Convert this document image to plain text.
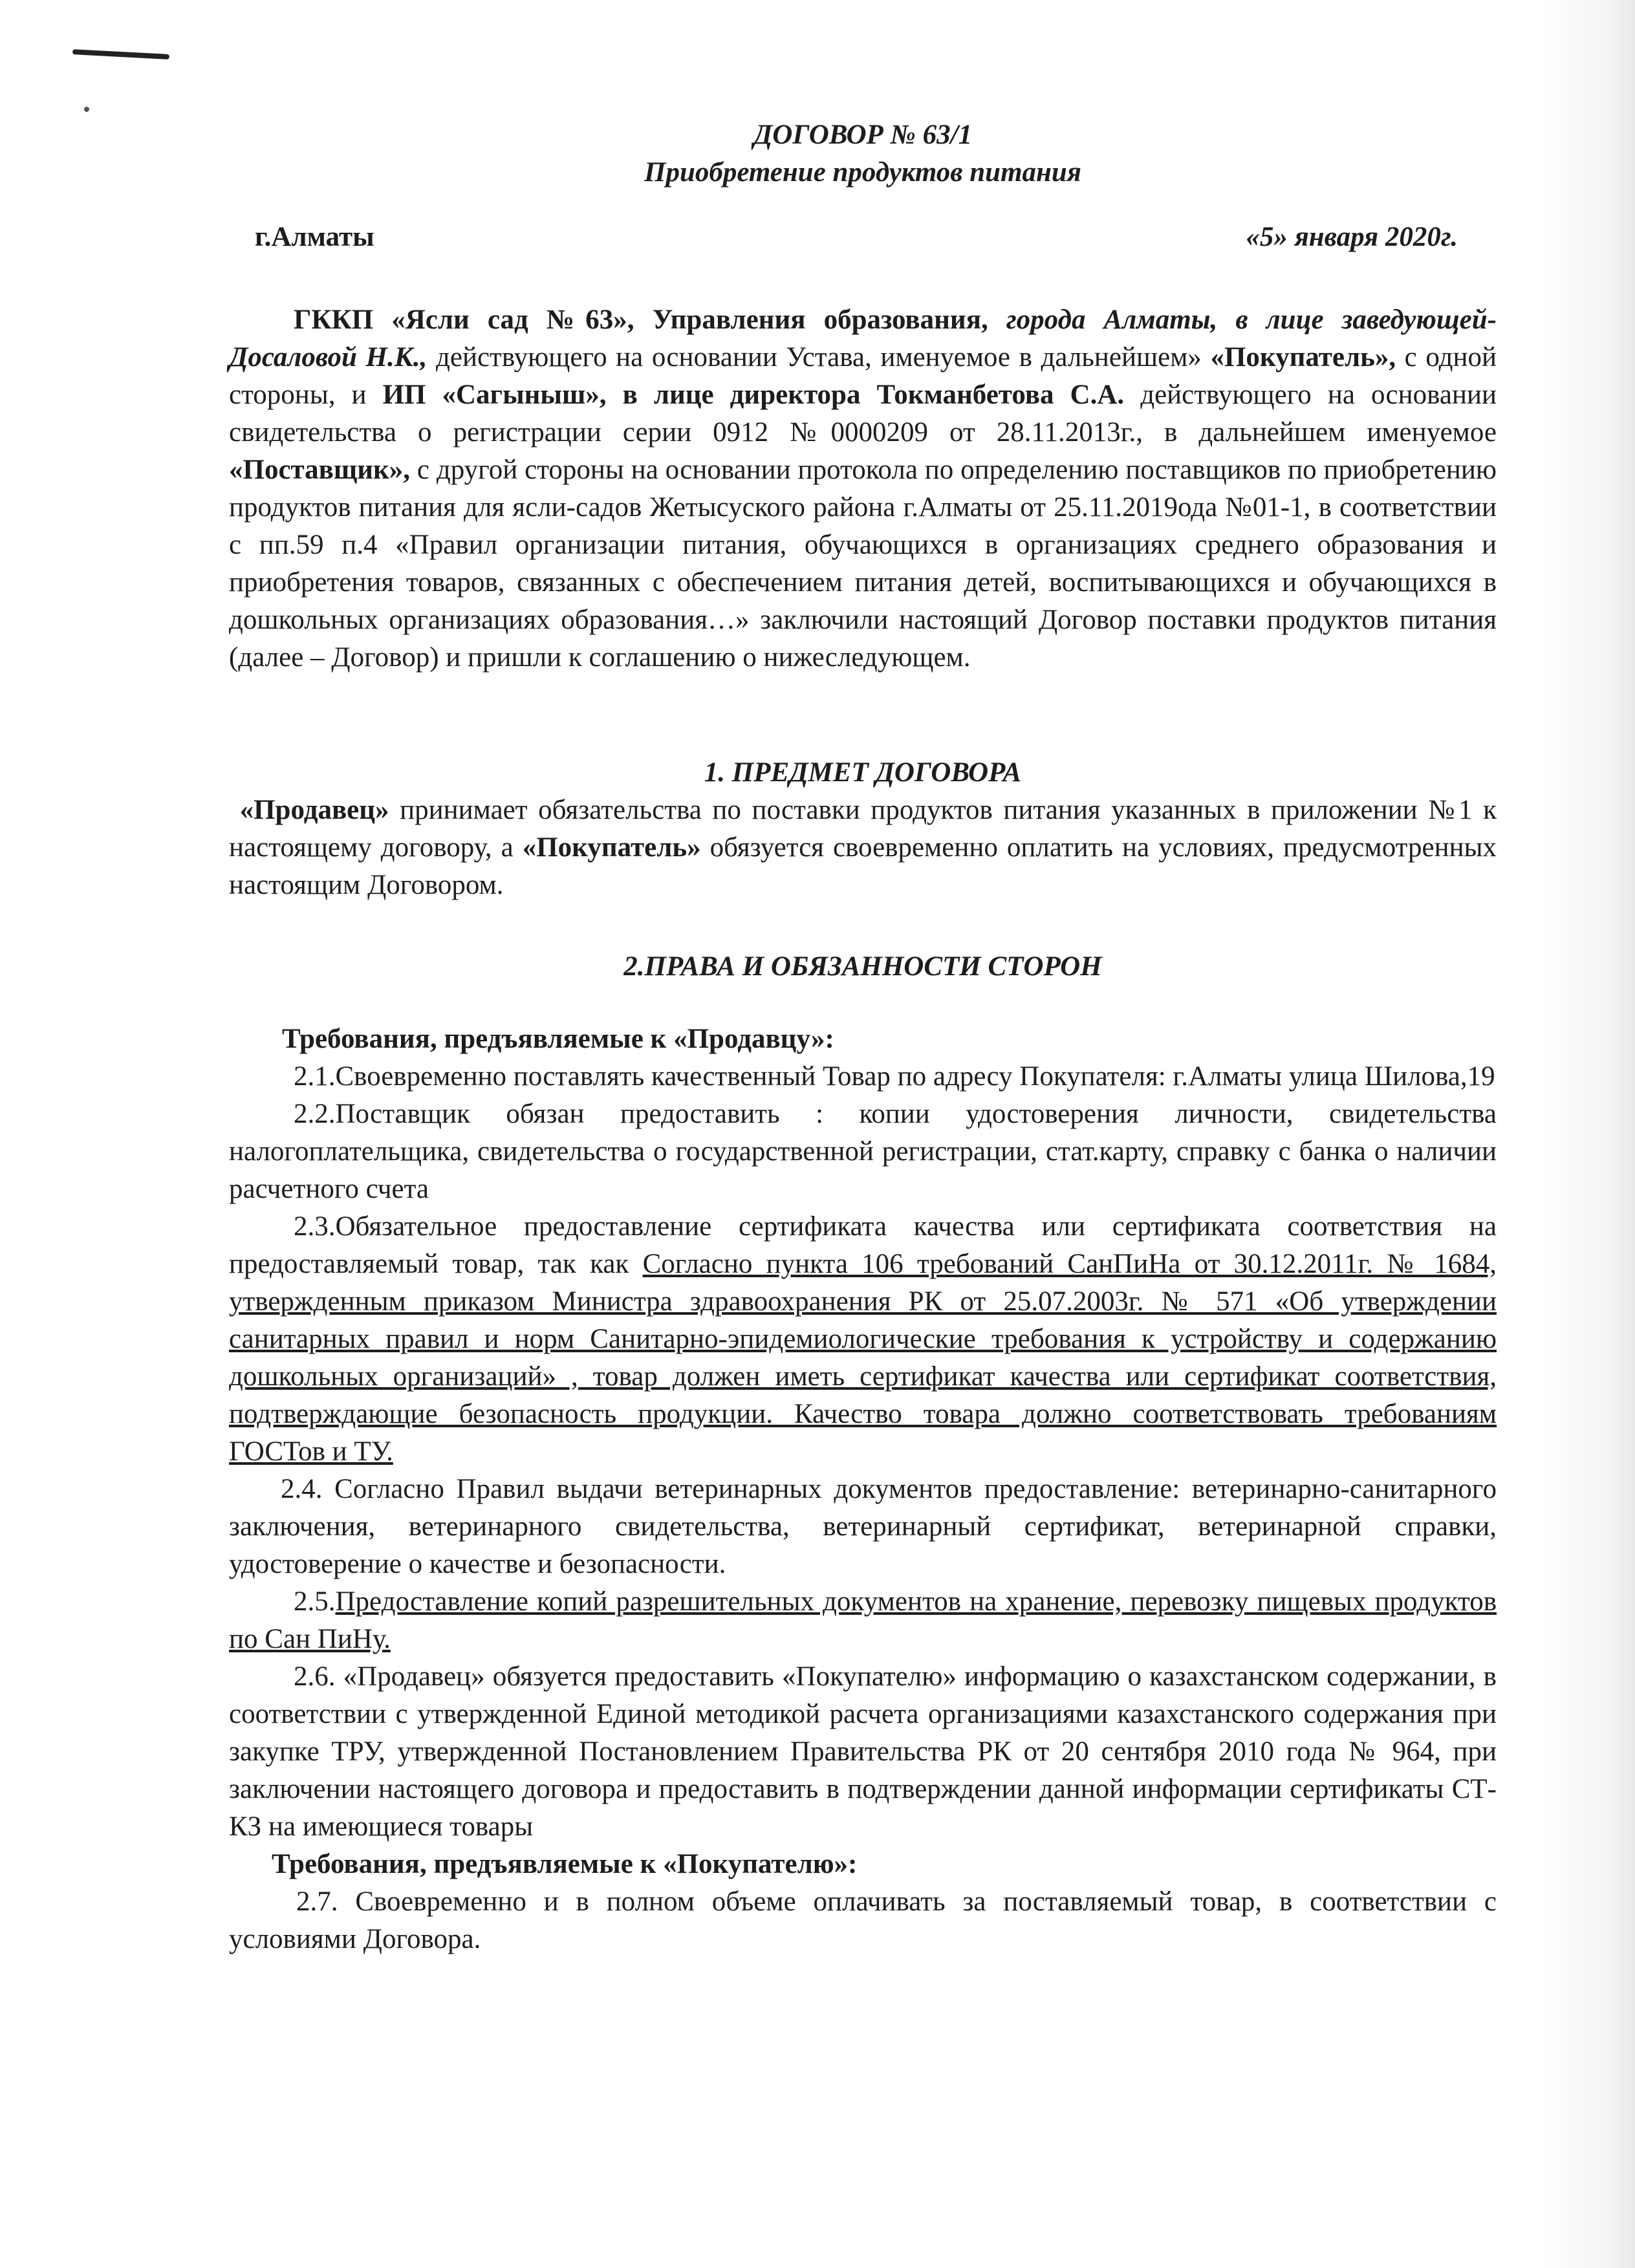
ДОГОВОР № 63/1

Приобретение продуктов питания

г.Алматы	«5» января 2020г.

ГККП «Ясли сад №63», Управления образования, города Алматы, в лице заведующей- Досаловой Н.К., действующего на основании Устава, именуемое в дальнейшем» «Покупатель», с одной стороны, и ИП «Сагыныш», в лице директора Токманбетова С.А. действующего на основании свидетельства о регистрации серии 0912 №0000209 от 28.11.2013г., в дальнейшем именуемое «Поставщик», с другой стороны на основании протокола по определению поставщиков по приобретению продуктов питания для ясли-садов Жетысуского района г.Алматы от 25.11.2019ода №01-1, в соответствии с пп.59 п.4 «Правил организации питания, обучающихся в организациях среднего образования и приобретения товаров, связанных с обеспечением питания детей, воспитывающихся и обучающихся в дошкольных организациях образования…» заключили настоящий Договор поставки продуктов питания (далее – Договор) и пришли к соглашению о нижеследующем.

1. ПРЕДМЕТ ДОГОВОРА

«Продавец» принимает обязательства по поставки продуктов питания указанных в приложении №1 к настоящему договору, а «Покупатель» обязуется своевременно оплатить на условиях, предусмотренных настоящим Договором.

2.ПРАВА И ОБЯЗАННОСТИ СТОРОН

Требования, предъявляемые к «Продавцу»:

2.1.Своевременно поставлять качественный Товар по адресу Покупателя: г.Алматы улица Шилова,19

2.2.Поставщик обязан предоставить : копии удостоверения личности, свидетельства налогоплательщика, свидетельства о государственной регистрации, стат.карту, справку с банка о наличии расчетного счета

2.3.Обязательное предоставление сертификата качества или сертификата соответствия на предоставляемый товар, так как Согласно пункта 106 требований СанПиНа от 30.12.2011г. № 1684, утвержденным приказом Министра здравоохранения РК от 25.07.2003г. № 571 «Об утверждении санитарных правил и норм Санитарно-эпидемиологические требования к устройству и содержанию дошкольных организаций» , товар должен иметь сертификат качества или сертификат соответствия, подтверждающие безопасность продукции. Качество товара должно соответствовать требованиям ГОСТов и ТУ.

2.4. Согласно Правил выдачи ветеринарных документов предоставление: ветеринарно-санитарного заключения, ветеринарного свидетельства, ветеринарный сертификат, ветеринарной справки, удостоверение о качестве и безопасности.

2.5.Предоставление копий разрешительных документов на хранение, перевозку пищевых продуктов по Сан ПиНу.

2.6. «Продавец» обязуется предоставить «Покупателю» информацию о казахстанском содержании, в соответствии с утвержденной Единой методикой расчета организациями казахстанского содержания при закупке ТРУ, утвержденной Постановлением Правительства РК от 20 сентября 2010 года № 964, при заключении настоящего договора и предоставить в подтверждении данной информации сертификаты СТ-КЗ на имеющиеся товары

Требования, предъявляемые к «Покупателю»:

2.7. Своевременно и в полном объеме оплачивать за поставляемый товар, в соответствии с условиями Договора.
